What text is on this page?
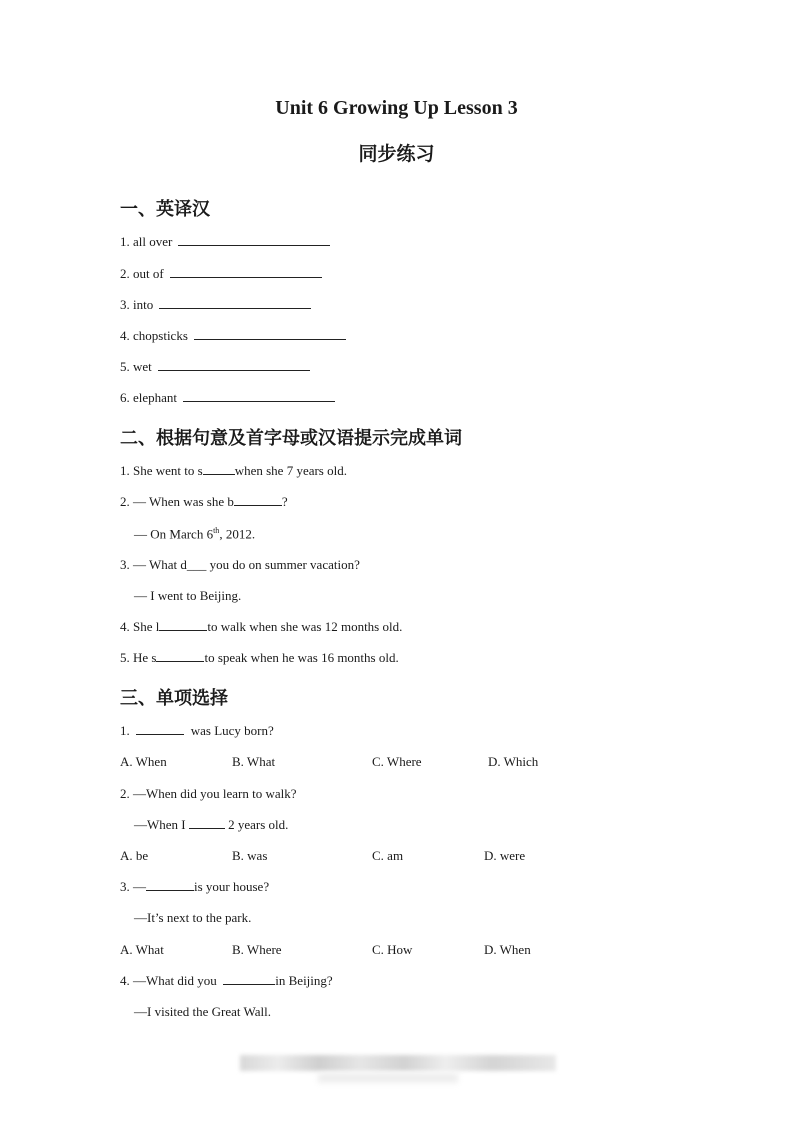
Unit 6 Growing Up Lesson 3
同步练习
一、英译汉
1. all over
2. out of
3. into
4. chopsticks
5. wet
6. elephant
二、根据句意及首字母或汉语提示完成单词
1. She went to s when she 7 years old.
2. — When was she b	?
— On March 6th, 2012.
3. — What d___ you do on summer vacation?
— I went to Beijing.
4. She l	to walk when she was 12 months old.
5. He s	to speak when he was 16 months old.
三、单项选择
1.	was Lucy born?
A. When	B. What	C. Where	D. Which
2. —When did you learn to walk?
—When I	2 years old.
A. be	B. was	C. am	D. were
3. —	is your house?
—It’s next to the park.
A. What	B. Where	C. How	D. When
4. —What did you	in Beijing?
—I visited the Great Wall.
